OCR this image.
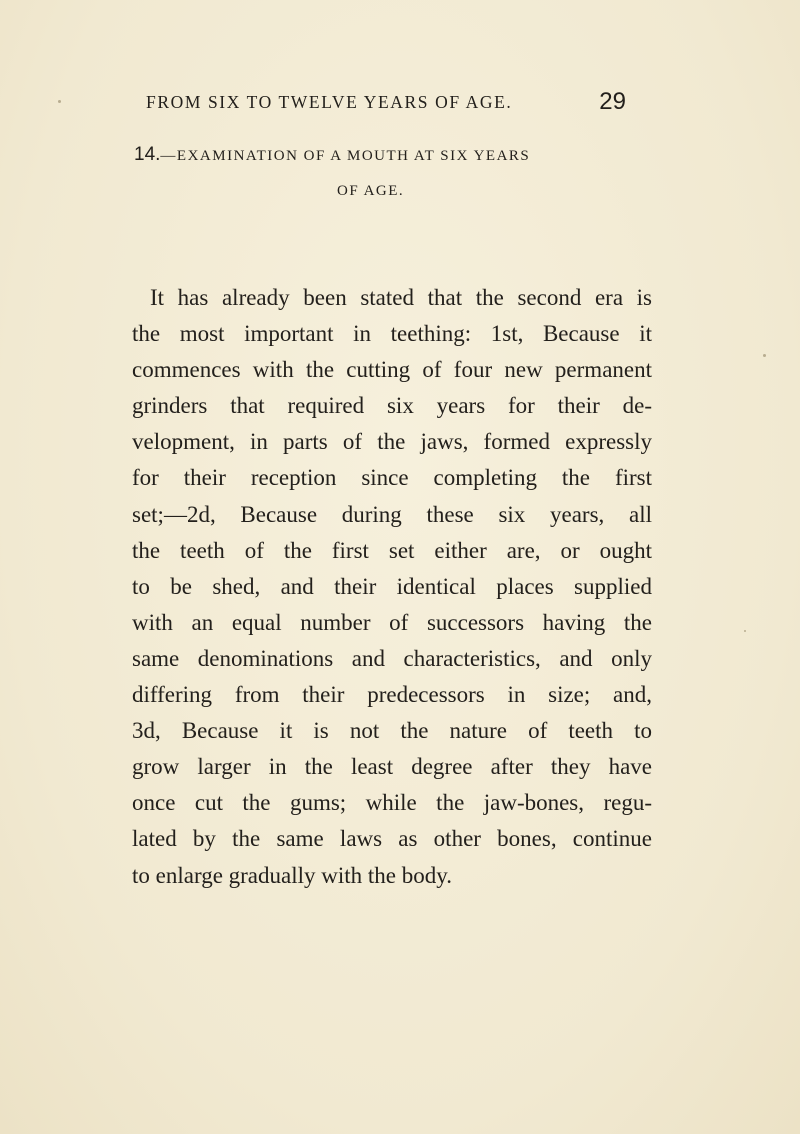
FROM SIX TO TWELVE YEARS OF AGE.	29
14.—EXAMINATION OF A MOUTH AT SIX YEARS
OF AGE.

It has already been stated that the second era is
the most important in teething: 1st, Because it
commences with the cutting of four new permanent
grinders that required six years for their de-
velopment, in parts of the jaws, formed expressly
for their reception since completing the first
set;—2d, Because during these six years, all
the teeth of the first set either are, or ought
to be shed, and their identical places supplied
with an equal number of successors having the
same denominations and characteristics, and only
differing from their predecessors in size; and,
3d, Because it is not the nature of teeth to
grow larger in the least degree after they have
once cut the gums; while the jaw-bones, regu-
lated by the same laws as other bones, continue
to enlarge gradually with the body.
